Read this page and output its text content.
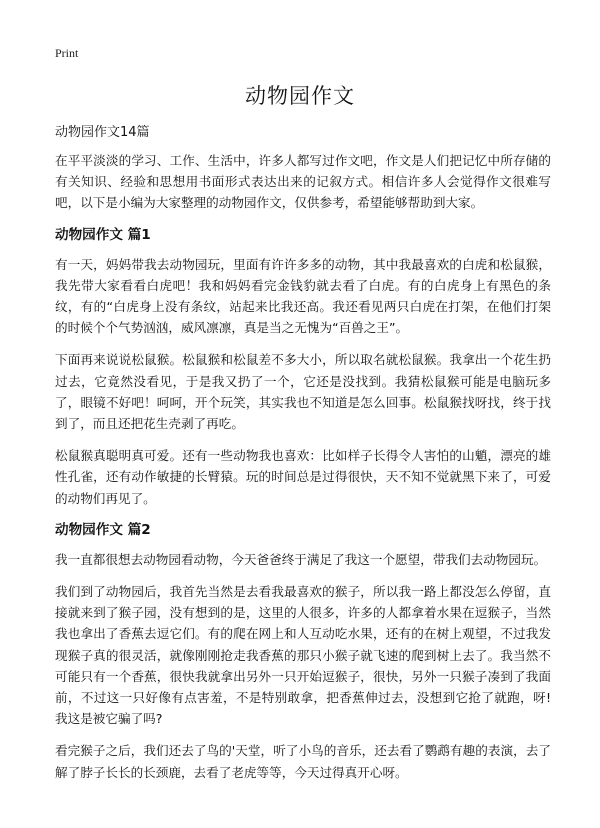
Print
动物园作文
动物园作文14篇

在平平淡淡的学习、工作、生活中，许多人都写过作文吧，作文是人们把记忆中所存储的有关知识、经验和思想用书面形式表达出来的记叙方式。相信许多人会觉得作文很难写吧，以下是小编为大家整理的动物园作文，仅供参考，希望能够帮助到大家。

动物园作文 篇1

有一天，妈妈带我去动物园玩，里面有许许多多的动物，其中我最喜欢的白虎和松鼠猴，我先带大家看看白虎吧！我和妈妈看完金钱豹就去看了白虎。有的白虎身上有黑色的条纹，有的“白虎身上没有条纹，站起来比我还高。我还看见两只白虎在打架，在他们打架的时候个个气势汹汹，威风凛凛，真是当之无愧为“百兽之王”。

下面再来说说松鼠猴。松鼠猴和松鼠差不多大小，所以取名就松鼠猴。我拿出一个花生扔过去，它竟然没看见，于是我又扔了一个，它还是没找到。我猜松鼠猴可能是电脑玩多了，眼镜不好吧！呵呵，开个玩笑，其实我也不知道是怎么回事。松鼠猴找呀找，终于找到了，而且还把花生壳剥了再吃。

松鼠猴真聪明真可爱。还有一些动物我也喜欢：比如样子长得令人害怕的山魈，漂亮的雄性孔雀，还有动作敏捷的长臂猿。玩的时间总是过得很快，天不知不觉就黑下来了，可爱的动物们再见了。

动物园作文 篇2

我一直都很想去动物园看动物，今天爸爸终于满足了我这一个愿望，带我们去动物园玩。

我们到了动物园后，我首先当然是去看我最喜欢的猴子，所以我一路上都没怎么停留，直接就来到了猴子园，没有想到的是，这里的人很多，许多的人都拿着水果在逗猴子，当然我也拿出了香蕉去逗它们。有的爬在网上和人互动吃水果，还有的在树上观望，不过我发现猴子真的很灵活，就像刚刚抢走我香蕉的那只小猴子就飞速的爬到树上去了。我当然不可能只有一个香蕉，很快我就拿出另外一只开始逗猴子，很快，另外一只猴子凑到了我面前，不过这一只好像有点害羞，不是特别敢拿，把香蕉伸过去，没想到它抢了就跑，呀!我这是被它骗了吗?

看完猴子之后，我们还去了鸟的'天堂，听了小鸟的音乐，还去看了鹦鹉有趣的表演，去了解了脖子长长的长颈鹿，去看了老虎等等，今天过得真开心呀。
